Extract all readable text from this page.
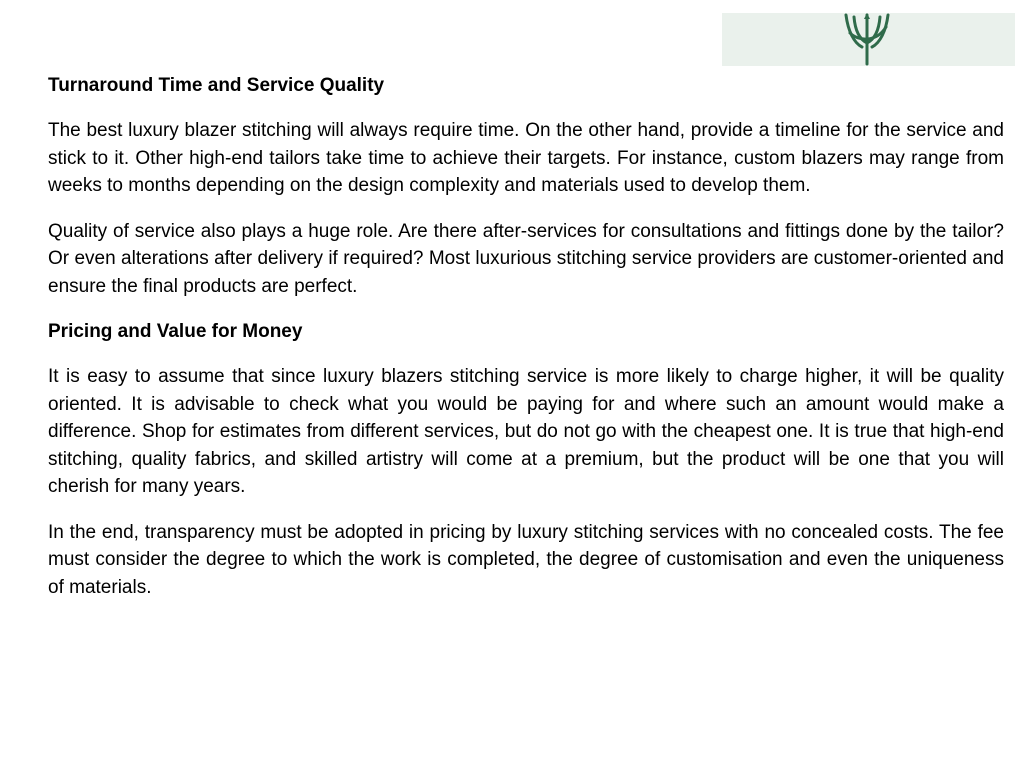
Turnaround Time and Service Quality

The best luxury blazer stitching will always require time. On the other hand, provide a timeline for the service and stick to it. Other high-end tailors take time to achieve their targets. For instance, custom blazers may range from weeks to months depending on the design complexity and materials used to develop them.

Quality of service also plays a huge role. Are there after-services for consultations and fittings done by the tailor? Or even alterations after delivery if required? Most luxurious stitching service providers are customer-oriented and ensure the final products are perfect.

Pricing and Value for Money

It is easy to assume that since luxury blazers stitching service is more likely to charge higher, it will be quality oriented. It is advisable to check what you would be paying for and where such an amount would make a difference. Shop for estimates from different services, but do not go with the cheapest one. It is true that high-end stitching, quality fabrics, and skilled artistry will come at a premium, but the product will be one that you will cherish for many years.

In the end, transparency must be adopted in pricing by luxury stitching services with no concealed costs. The fee must consider the degree to which the work is completed, the degree of customisation and even the uniqueness of materials.
